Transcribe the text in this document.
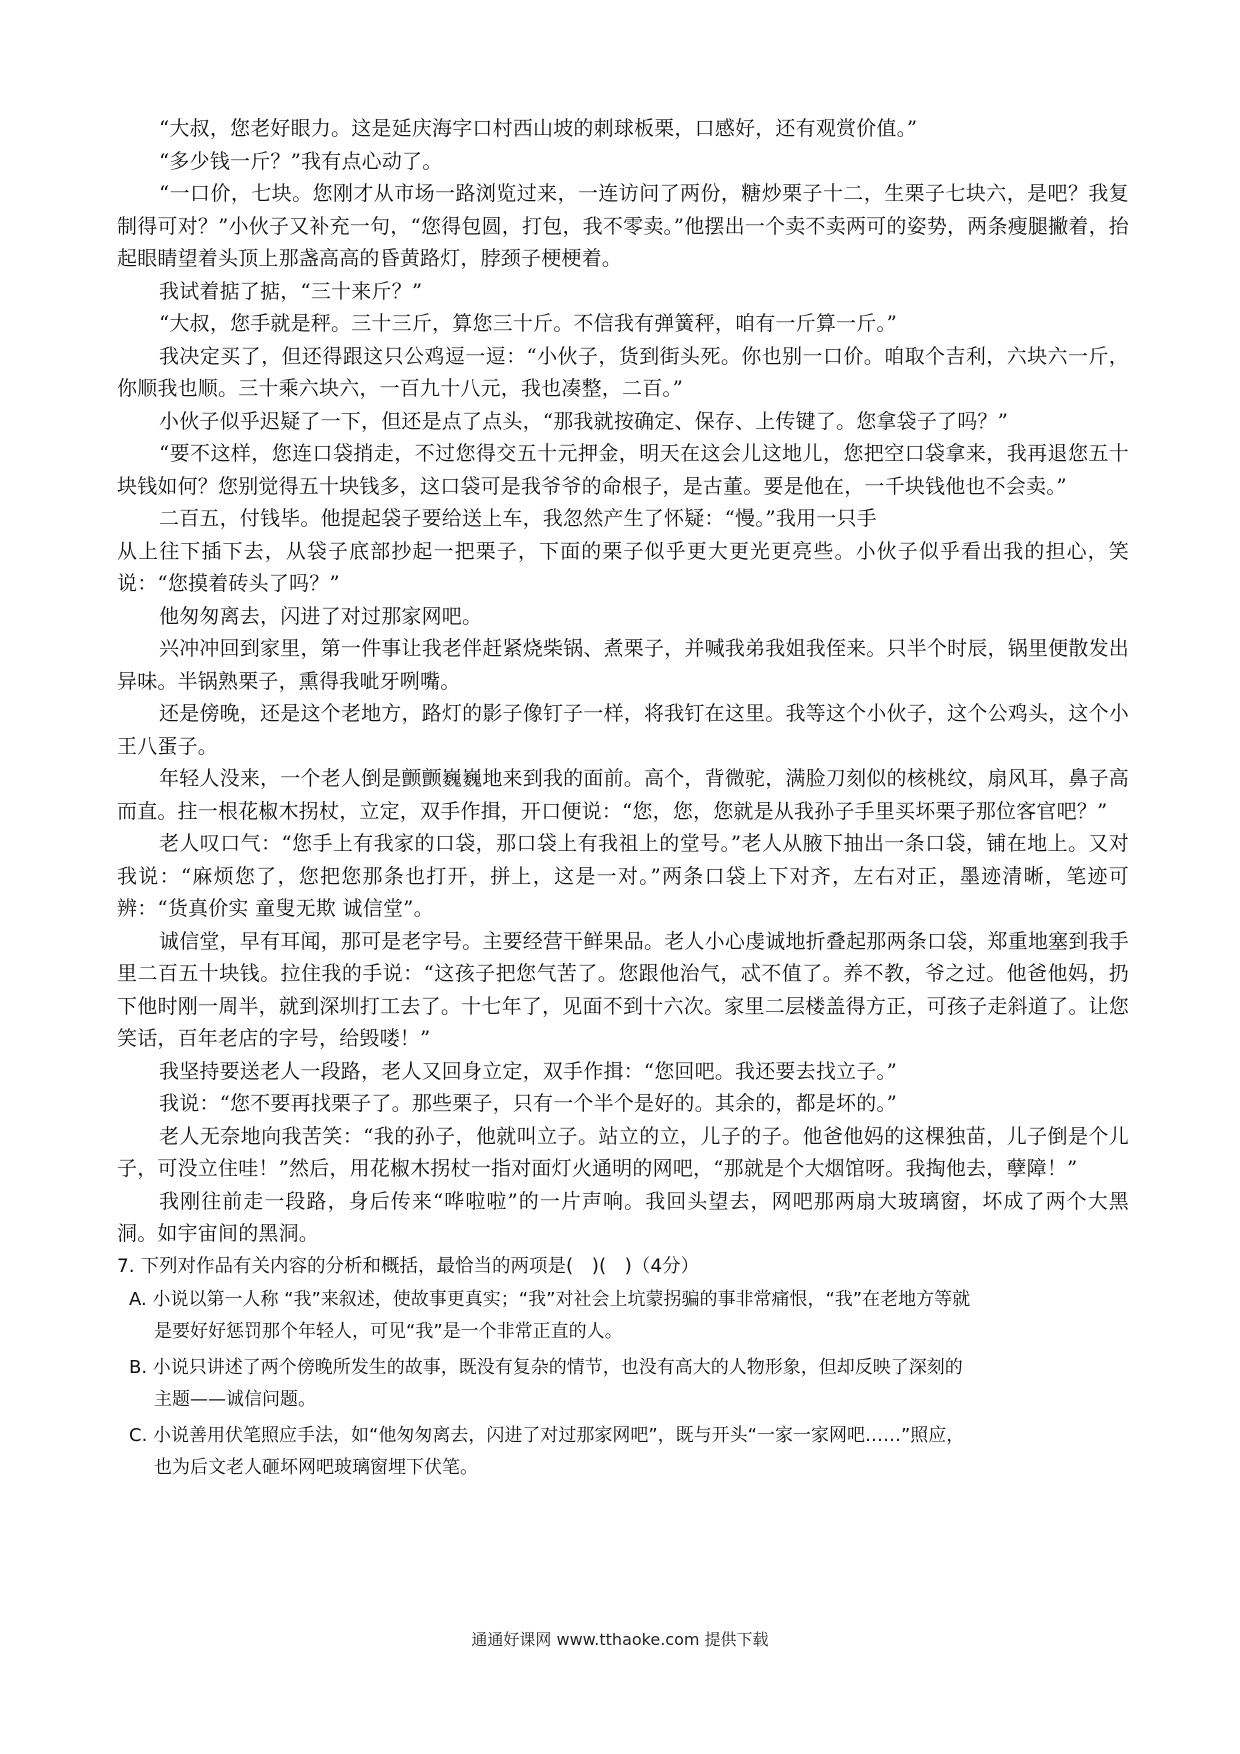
“大叔，您老好眼力。这是延庆海字口村西山坡的刺球板栗，口感好，还有观赏价值。”

“多少钱一斤？”我有点心动了。

“一口价，七块。您刚才从市场一路浏览过来，一连访问了两份，糖炒栗子十二，生栗子七块六，是吧？我复制得可对？”小伙子又补充一句，“您得包圆，打包，我不零卖。”他摆出一个卖不卖两可的姿势，两条瘦腿撇着，抬起眼睛望着头顶上那盏高高的昏黄路灯，脖颈子梗梗着。

我试着掂了掂，“三十来斤？”

“大叔，您手就是秤。三十三斤，算您三十斤。不信我有弹簧秤，咱有一斤算一斤。”

我决定买了，但还得跟这只公鸡逗一逗：“小伙子，货到街头死。你也别一口价。咱取个吉利，六块六一斤，你顺我也顺。三十乘六块六，一百九十八元，我也凑整，二百。”

小伙子似乎迟疑了一下，但还是点了点头，“那我就按确定、保存、上传键了。您拿袋子了吗？”

“要不这样，您连口袋捎走，不过您得交五十元押金，明天在这会儿这地儿，您把空口袋拿来，我再退您五十块钱如何？您别觉得五十块钱多，这口袋可是我爷爷的命根子，是古董。要是他在，一千块钱他也不会卖。”

二百五，付钱毕。他提起袋子要给送上车，我忽然产生了怀疑：“慢。”我用一只手

从上往下插下去，从袋子底部抄起一把栗子，下面的栗子似乎更大更光更亮些。小伙子似乎看出我的担心，笑说：“您摸着砖头了吗？”

他匆匆离去，闪进了对过那家网吧。

兴冲冲回到家里，第一件事让我老伴赶紧烧柴锅、煮栗子，并喊我弟我姐我侄来。只半个时辰，锅里便散发出异味。半锅熟栗子，熏得我呲牙咧嘴。

还是傍晚，还是这个老地方，路灯的影子像钉子一样，将我钉在这里。我等这个小伙子，这个公鸡头，这个小王八蛋子。

年轻人没来，一个老人倒是颤颤巍巍地来到我的面前。高个，背微驼，满脸刀刻似的核桃纹，扇风耳，鼻子高而直。拄一根花椒木拐杖，立定，双手作揖，开口便说：“您，您，您就是从我孙子手里买坏栗子那位客官吧？”

老人叹口气：“您手上有我家的口袋，那口袋上有我祖上的堂号。”老人从腋下抽出一条口袋，铺在地上。又对我说：“麻烦您了，您把您那条也打开，拼上，这是一对。”两条口袋上下对齐，左右对正，墨迹清晰，笔迹可辨：“货真价实 童叟无欺 诚信堂”。

诚信堂，早有耳闻，那可是老字号。主要经营干鲜果品。老人小心虔诚地折叠起那两条口袋，郑重地塞到我手里二百五十块钱。拉住我的手说：“这孩子把您气苦了。您跟他治气，忒不值了。养不教，爷之过。他爸他妈，扔下他时刚一周半，就到深圳打工去了。十七年了，见面不到十六次。家里二层楼盖得方正，可孩子走斜道了。让您笑话，百年老店的字号，给毁喽！”

我坚持要送老人一段路，老人又回身立定，双手作揖：“您回吧。我还要去找立子。”

我说：“您不要再找栗子了。那些栗子，只有一个半个是好的。其余的，都是坏的。”

老人无奈地向我苦笑：“我的孙子，他就叫立子。站立的立，儿子的子。他爸他妈的这棵独苗，儿子倒是个儿子，可没立住哇！”然后，用花椒木拐杖一指对面灯火通明的网吧，“那就是个大烟馆呀。我掏他去，孽障！”

我刚往前走一段路，身后传来“哗啦啦”的一片声响。我回头望去，网吧那两扇大玻璃窗，坏成了两个大黑洞。如宇宙间的黑洞。

7. 下列对作品有关内容的分析和概括，最恰当的两项是(　)(　)（4分）

A. 小说以第一人称 “我”来叙述，使故事更真实；“我”对社会上坑蒙拐骗的事非常痛恨，“我”在老地方等就是要好好惩罚那个年轻人，可见“我”是一个非常正直的人。

B. 小说只讲述了两个傍晚所发生的故事，既没有复杂的情节，也没有高大的人物形象，但却反映了深刻的主题——诚信问题。

C. 小说善用伏笔照应手法，如“他匆匆离去，闪进了对过那家网吧”，既与开头“一家一家网吧……”照应，也为后文老人砸坏网吧玻璃窗埋下伏笔。

通通好课网 www.tthaoke.com 提供下载
